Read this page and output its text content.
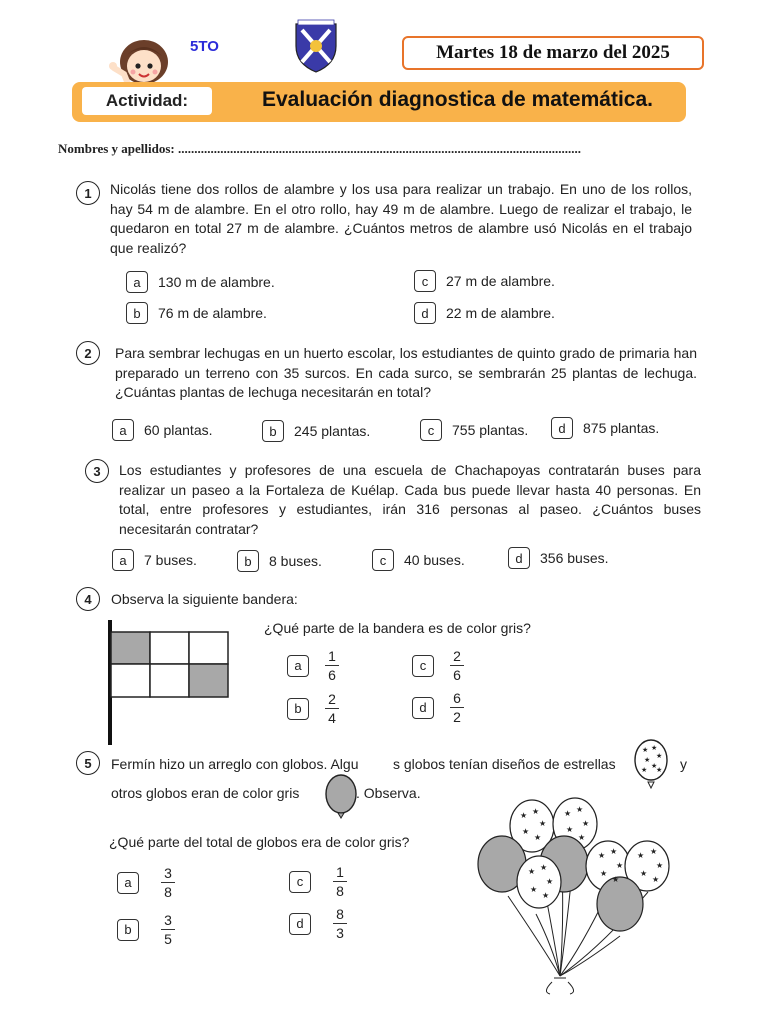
5TO	Martes 18 de marzo del 2025
Actividad:	Evaluación diagnostica de matemática.
Nombres y apellidos: ............................................................................................................................
1	Nicolás tiene dos rollos de alambre y los usa para realizar un trabajo. En uno de los rollos, hay 54 m de alambre. En el otro rollo, hay 49 m de alambre. Luego de realizar el trabajo, le quedaron en total 27 m de alambre. ¿Cuántos metros de alambre usó Nicolás en el trabajo que realizó?
a	130 m de alambre.
b	76 m de alambre.
c	27 m de alambre.
d	22 m de alambre.
2	Para sembrar lechugas en un huerto escolar, los estudiantes de quinto grado de primaria han preparado un terreno con 35 surcos. En cada surco, se sembrarán 25 plantas de lechuga. ¿Cuántas plantas de lechuga necesitarán en total?
a	60 plantas.	b	245 plantas.	c	755 plantas.	d	875 plantas.
3	Los estudiantes y profesores de una escuela de Chachapoyas contratarán buses para realizar un paseo a la Fortaleza de Kuélap. Cada bus puede llevar hasta 40 personas. En total, entre profesores y estudiantes, irán 316 personas al paseo. ¿Cuántos buses necesitarán contratar?
a	7 buses.	b	8 buses.	c	40 buses.	d	356 buses.
4	Observa la siguiente bandera:
¿Qué parte de la bandera es de color gris?
a	$\frac{1}{6}$
b	$\frac{2}{4}$
c	$\frac{2}{6}$
d	$\frac{6}{2}$
5	Fermín hizo un arreglo con globos. Algu s globos tenían diseños de estrellas
★ ★
★
★
★
★ ★ y
otros globos eran de color gris	. Observa.
¿Qué parte del total de globos era de color gris?
a	$\frac{3}{8}$
b	$\frac{3}{5}$
c	$\frac{1}{8}$
d	$\frac{8}{3}$
★ ★
★
★
★
★ ★
★
★
★
★ ★
★
★
★
★ ★
★
★
★
★ ★
★
★
★
